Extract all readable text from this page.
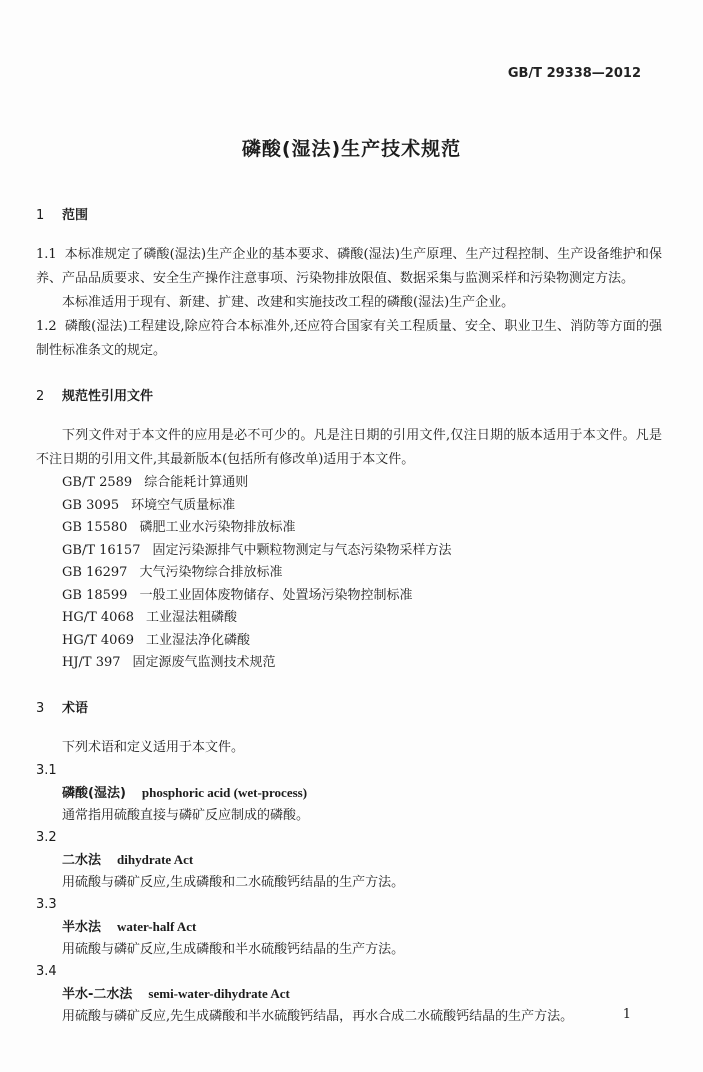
GB/T 29338—2012
磷酸(湿法)生产技术规范
1 范围

1.1 本标准规定了磷酸(湿法)生产企业的基本要求、磷酸(湿法)生产原理、生产过程控制、生产设备维护和保养、产品品质要求、安全生产操作注意事项、污染物排放限值、数据采集与监测采样和污染物测定方法。

本标准适用于现有、新建、扩建、改建和实施技改工程的磷酸(湿法)生产企业。

1.2 磷酸(湿法)工程建设,除应符合本标准外,还应符合国家有关工程质量、安全、职业卫生、消防等方面的强制性标准条文的规定。

2 规范性引用文件

下列文件对于本文件的应用是必不可少的。凡是注日期的引用文件,仅注日期的版本适用于本文件。凡是不注日期的引用文件,其最新版本(包括所有修改单)适用于本文件。

GB/T 2589 综合能耗计算通则
GB 3095 环境空气质量标准
GB 15580 磷肥工业水污染物排放标准
GB/T 16157 固定污染源排气中颗粒物测定与气态污染物采样方法
GB 16297 大气污染物综合排放标准
GB 18599 一般工业固体废物储存、处置场污染物控制标准
HG/T 4068 工业湿法粗磷酸
HG/T 4069 工业湿法净化磷酸
HJ/T 397 固定源废气监测技术规范
3 术语

下列术语和定义适用于本文件。

3.1
磷酸(湿法) phosphoric acid (wet-process)
通常指用硫酸直接与磷矿反应制成的磷酸。
3.2
二水法 dihydrate Act
用硫酸与磷矿反应,生成磷酸和二水硫酸钙结晶的生产方法。
3.3
半水法 water-half Act
用硫酸与磷矿反应,生成磷酸和半水硫酸钙结晶的生产方法。
3.4
半水-二水法 semi-water-dihydrate Act
用硫酸与磷矿反应,先生成磷酸和半水硫酸钙结晶，再水合成二水硫酸钙结晶的生产方法。	1
